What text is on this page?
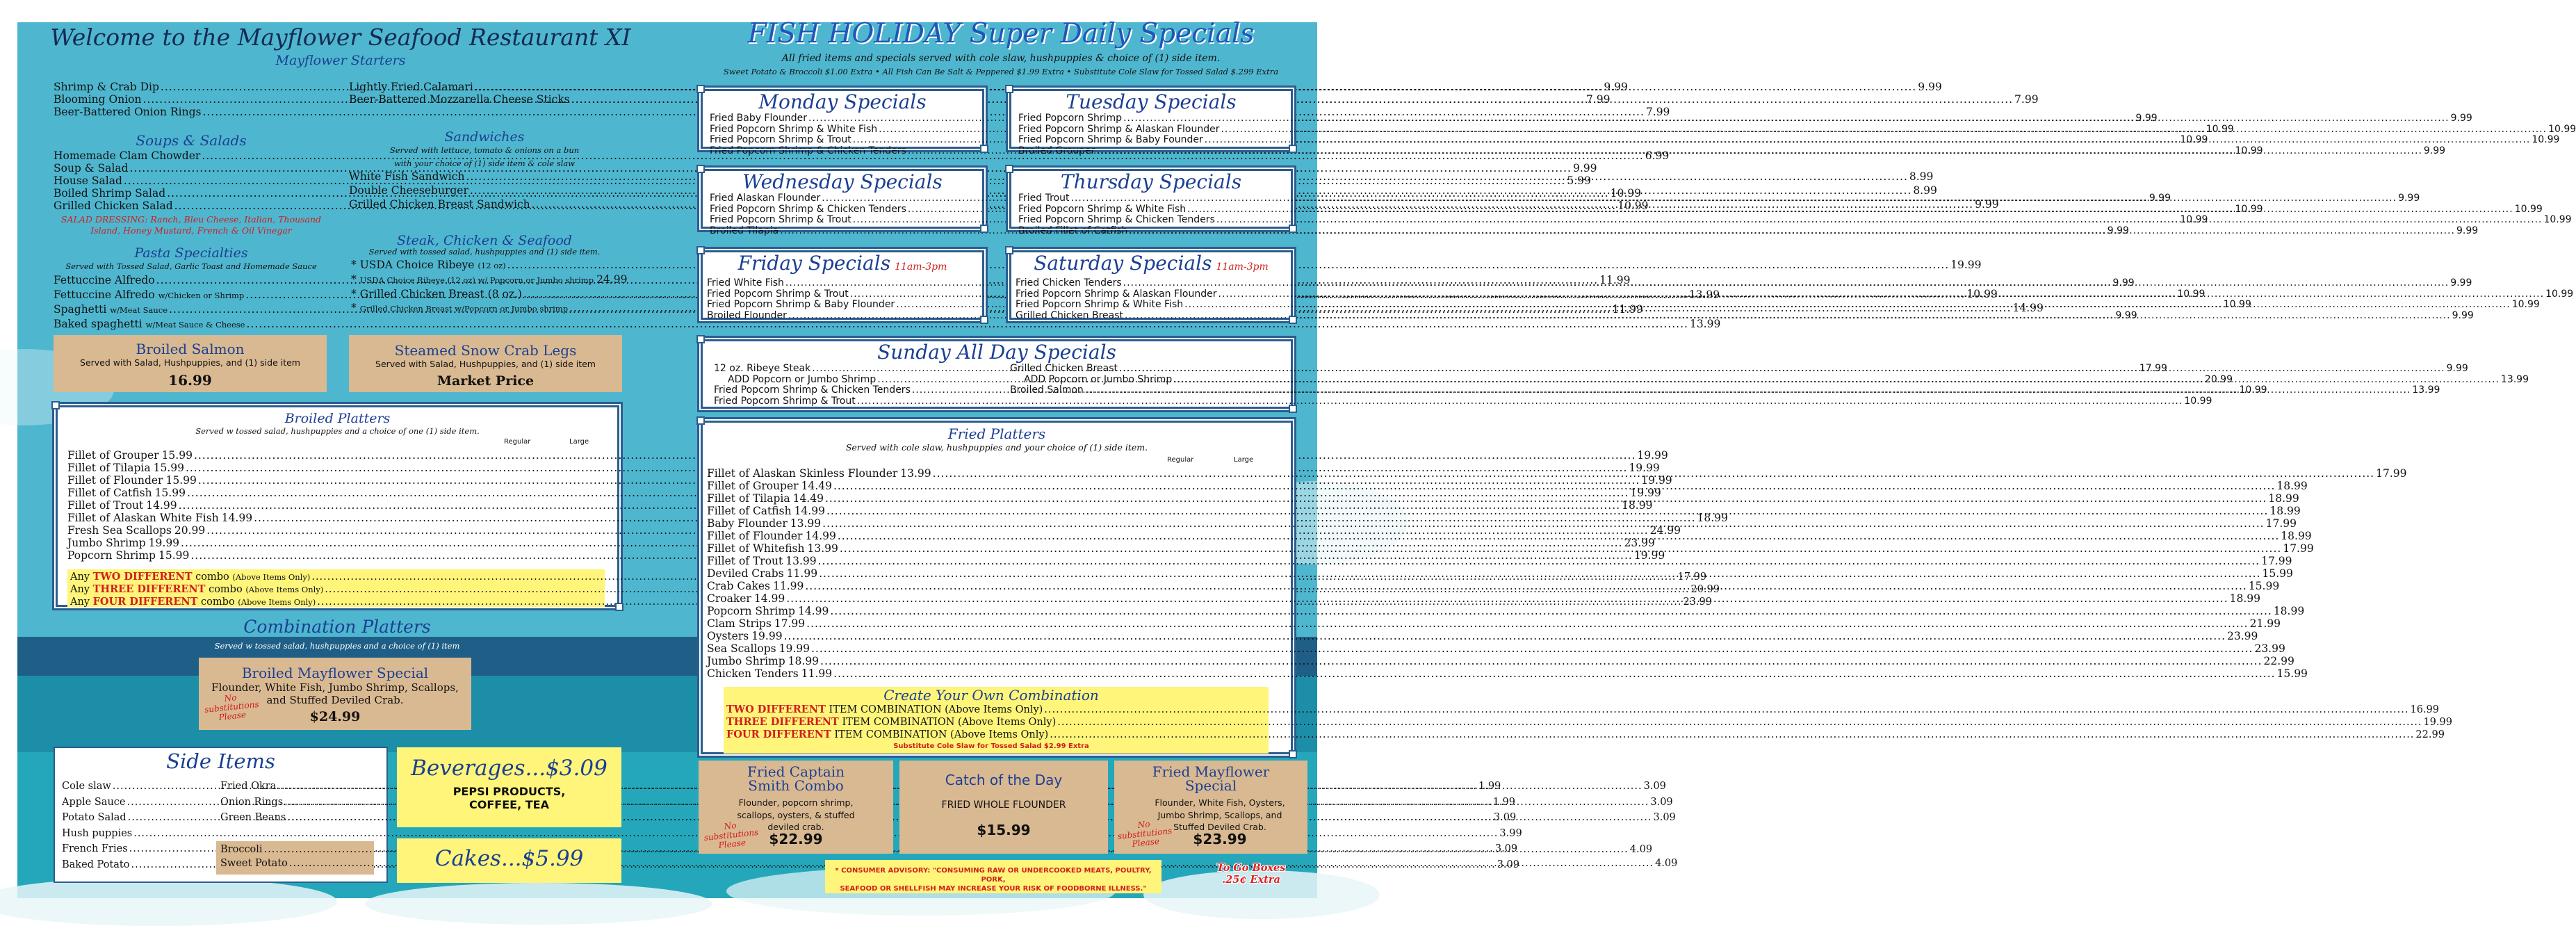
Welcome to the Mayflower Seafood Restaurant XI
Mayflower Starters
Shrimp & Crab Dip .....	9.99
Blooming Onion .....	7.99
Beer-Battered Onion Rings .....	7.99
Lightly Fried Calamari .....	9.99
Beer-Battered Mozzarella Cheese Sticks .....	7.99
Soups & Salads
Homemade Clam Chowder .....	6.99
Soup & Salad .....	9.99
House Salad .....	5.99
Boiled Shrimp Salad .....	10.99
Grilled Chicken Salad .....	10.99
SALAD DRESSING: Ranch, Bleu Cheese, Italian, Thousand Island, Honey Mustard, French & Oil Vinegar
Sandwiches
Served with lettuce, tomato & onions on a bun
with your choice of (1) side item & cole slaw
White Fish Sandwich .....	8.99
Double Cheeseburger .....	8.99
Grilled Chicken Breast Sandwich .....	9.99
Pasta Specialties
Served with Tossed Salad, Garlic Toast and Homemade Sauce
Fettuccine Alfredo .....	11.99
Fettuccine Alfredo w/Chicken or Shrimp .....	13.99
Spaghetti w/Meat Sauce .....	11.99
Baked spaghetti w/Meat Sauce & Cheese .....	13.99
Steak, Chicken & Seafood
Served with tossed salad, hushpuppies and (1) side item.
* USDA Choice Ribeye (12 oz) .....	19.99
* USDA Choice Ribeye (12 oz) w/ Popcorn or Jumbo shrimp 24.99
* Grilled Chicken Breast (8 oz.) .....	10.99
* Grilled Chicken Breast w/Popcorn or Jumbo shrimp .....	14.99
Broiled Salmon
Served with Salad, Hushpuppies, and (1) side item
16.99
Steamed Snow Crab Legs
Served with Salad, Hushpuppies, and (1) side item
Market Price
Broiled Platters
Served w tossed salad, hushpuppies and a choice of one (1) side item.
Regular	Large
Fillet of Grouper 15.99 .....	19.99
Fillet of Tilapia 15.99 .....	19.99
Fillet of Flounder 15.99 .....	19.99
Fillet of Catfish 15.99 .....	19.99
Fillet of Trout 14.99 .....	18.99
Fillet of Alaskan White Fish 14.99 .....	18.99
Fresh Sea Scallops 20.99 .....	24.99
Jumbo Shrimp 19.99 .....	23.99
Popcorn Shrimp 15.99 .....	19.99
Any TWO DIFFERENT combo (Above Items Only) .....	17.99
Any THREE DIFFERENT combo (Above Items Only) .....	20.99
Any FOUR DIFFERENT combo (Above Items Only) .....	23.99
Combination Platters
Served w tossed salad, hushpuppies and a choice of (1) item
Broiled Mayflower Special
Flounder, White Fish, Jumbo Shrimp, Scallops,
and Stuffed Deviled Crab.
$24.99
No substitutions Please
Side Items
Cole slaw .....	1.99
Apple Sauce .....	1.99
Potato Salad .....	3.09
Hush puppies .....	3.99
French Fries .....	3.09
Baked Potato .....	3.09
Fried Okra .....	3.09
Onion Rings .....	3.09
Green Beans .....	3.09
Broccoli .....	4.09
Sweet Potato .....	4.09
Beverages...$3.09
PEPSI PRODUCTS,
COFFEE, TEA
Cakes...$5.99
FISH HOLIDAY Super Daily Specials
All fried items and specials served with cole slaw, hushpuppies & choice of (1) side item.
Sweet Potato & Broccoli $1.00 Extra • All Fish Can Be Salt & Peppered $1.99 Extra • Substitute Cole Slaw for Tossed Salad $.299 Extra
Monday Specials
Fried Baby Flounder .....	9.99
Fried Popcorn Shrimp & White Fish .....	10.99
Fried Popcorn Shrimp & Trout .....	10.99
Fried Popcorn Shrimp & Chicken Tenders .....	10.99
Tuesday Specials
Fried Popcorn Shrimp .....	9.99
Fried Popcorn Shrimp & Alaskan Flounder .....	10.99
Fried Popcorn Shrimp & Baby Founder .....	10.99
Broiled Grouper .....	9.99
Wednesday Specials
Fried Alaskan Flounder .....	9.99
Fried Popcorn Shrimp & Chicken Tenders .....	10.99
Fried Popcorn Shrimp & Trout .....	10.99
Broiled Tilapia .....	9.99
Thursday Specials
Fried Trout .....	9.99
Fried Popcorn Shrimp & White Fish .....	10.99
Fried Popcorn Shrimp & Chicken Tenders .....	10.99
Broiled Fillet of Catfish .....	9.99
Friday Specials 11am-3pm
Fried White Fish .....	9.99
Fried Popcorn Shrimp & Trout .....	10.99
Fried Popcorn Shrimp & Baby Flounder .....	10.99
Broiled Flounder .....	9.99
Saturday Specials 11am-3pm
Fried Chicken Tenders .....	9.99
Fried Popcorn Shrimp & Alaskan Flounder .....	10.99
Fried Popcorn Shrimp & White Fish .....	10.99
Grilled Chicken Breast .....	9.99
Sunday All Day Specials
12 oz. Ribeye Steak .....	17.99
ADD Popcorn or Jumbo Shrimp .....	20.99
Fried Popcorn Shrimp & Chicken Tenders .....	10.99
Fried Popcorn Shrimp & Trout .....	10.99
Grilled Chicken Breast .....	9.99
ADD Popcorn or Jumbo Shrimp .....	13.99
Broiled Salmon .....	13.99
Fried Platters
Served with cole slaw, hushpuppies and your choice of (1) side item.
Regular	Large
Fillet of Alaskan Skinless Flounder 13.99 .....	17.99
Fillet of Grouper 14.49 .....	18.99
Fillet of Tilapia 14.49 .....	18.99
Fillet of Catfish 14.99 .....	18.99
Baby Flounder 13.99 .....	17.99
Fillet of Flounder 14.99 .....	18.99
Fillet of Whitefish 13.99 .....	17.99
Fillet of Trout 13.99 .....	17.99
Deviled Crabs 11.99 .....	15.99
Crab Cakes 11.99 .....	15.99
Croaker 14.99 .....	18.99
Popcorn Shrimp 14.99 .....	18.99
Clam Strips 17.99 .....	21.99
Oysters 19.99 .....	23.99
Sea Scallops 19.99 .....	23.99
Jumbo Shrimp 18.99 .....	22.99
Chicken Tenders 11.99 .....	15.99
Create Your Own Combination
TWO DIFFERENT ITEM COMBINATION (Above Items Only) .....	16.99
THREE DIFFERENT ITEM COMBINATION (Above Items Only) .....	19.99
FOUR DIFFERENT ITEM COMBINATION (Above Items Only) .....	22.99
Substitute Cole Slaw for Tossed Salad $2.99 Extra
Fried Captain
Smith Combo
Flounder, popcorn shrimp,
scallops, oysters, & stuffed
deviled crab.
$22.99
No substitutions Please
Catch of the Day
FRIED WHOLE FLOUNDER
$15.99
Fried Mayflower
Special
Flounder, White Fish, Oysters,
Jumbo Shrimp, Scallops, and
Stuffed Deviled Crab.
$23.99
No substitutions Please
* CONSUMER ADVISORY: "CONSUMING RAW OR UNDERCOOKED MEATS, POULTRY, PORK,
SEAFOOD OR SHELLFISH MAY INCREASE YOUR RISK OF FOODBORNE ILLNESS."
To Go Boxes
.25¢ Extra
